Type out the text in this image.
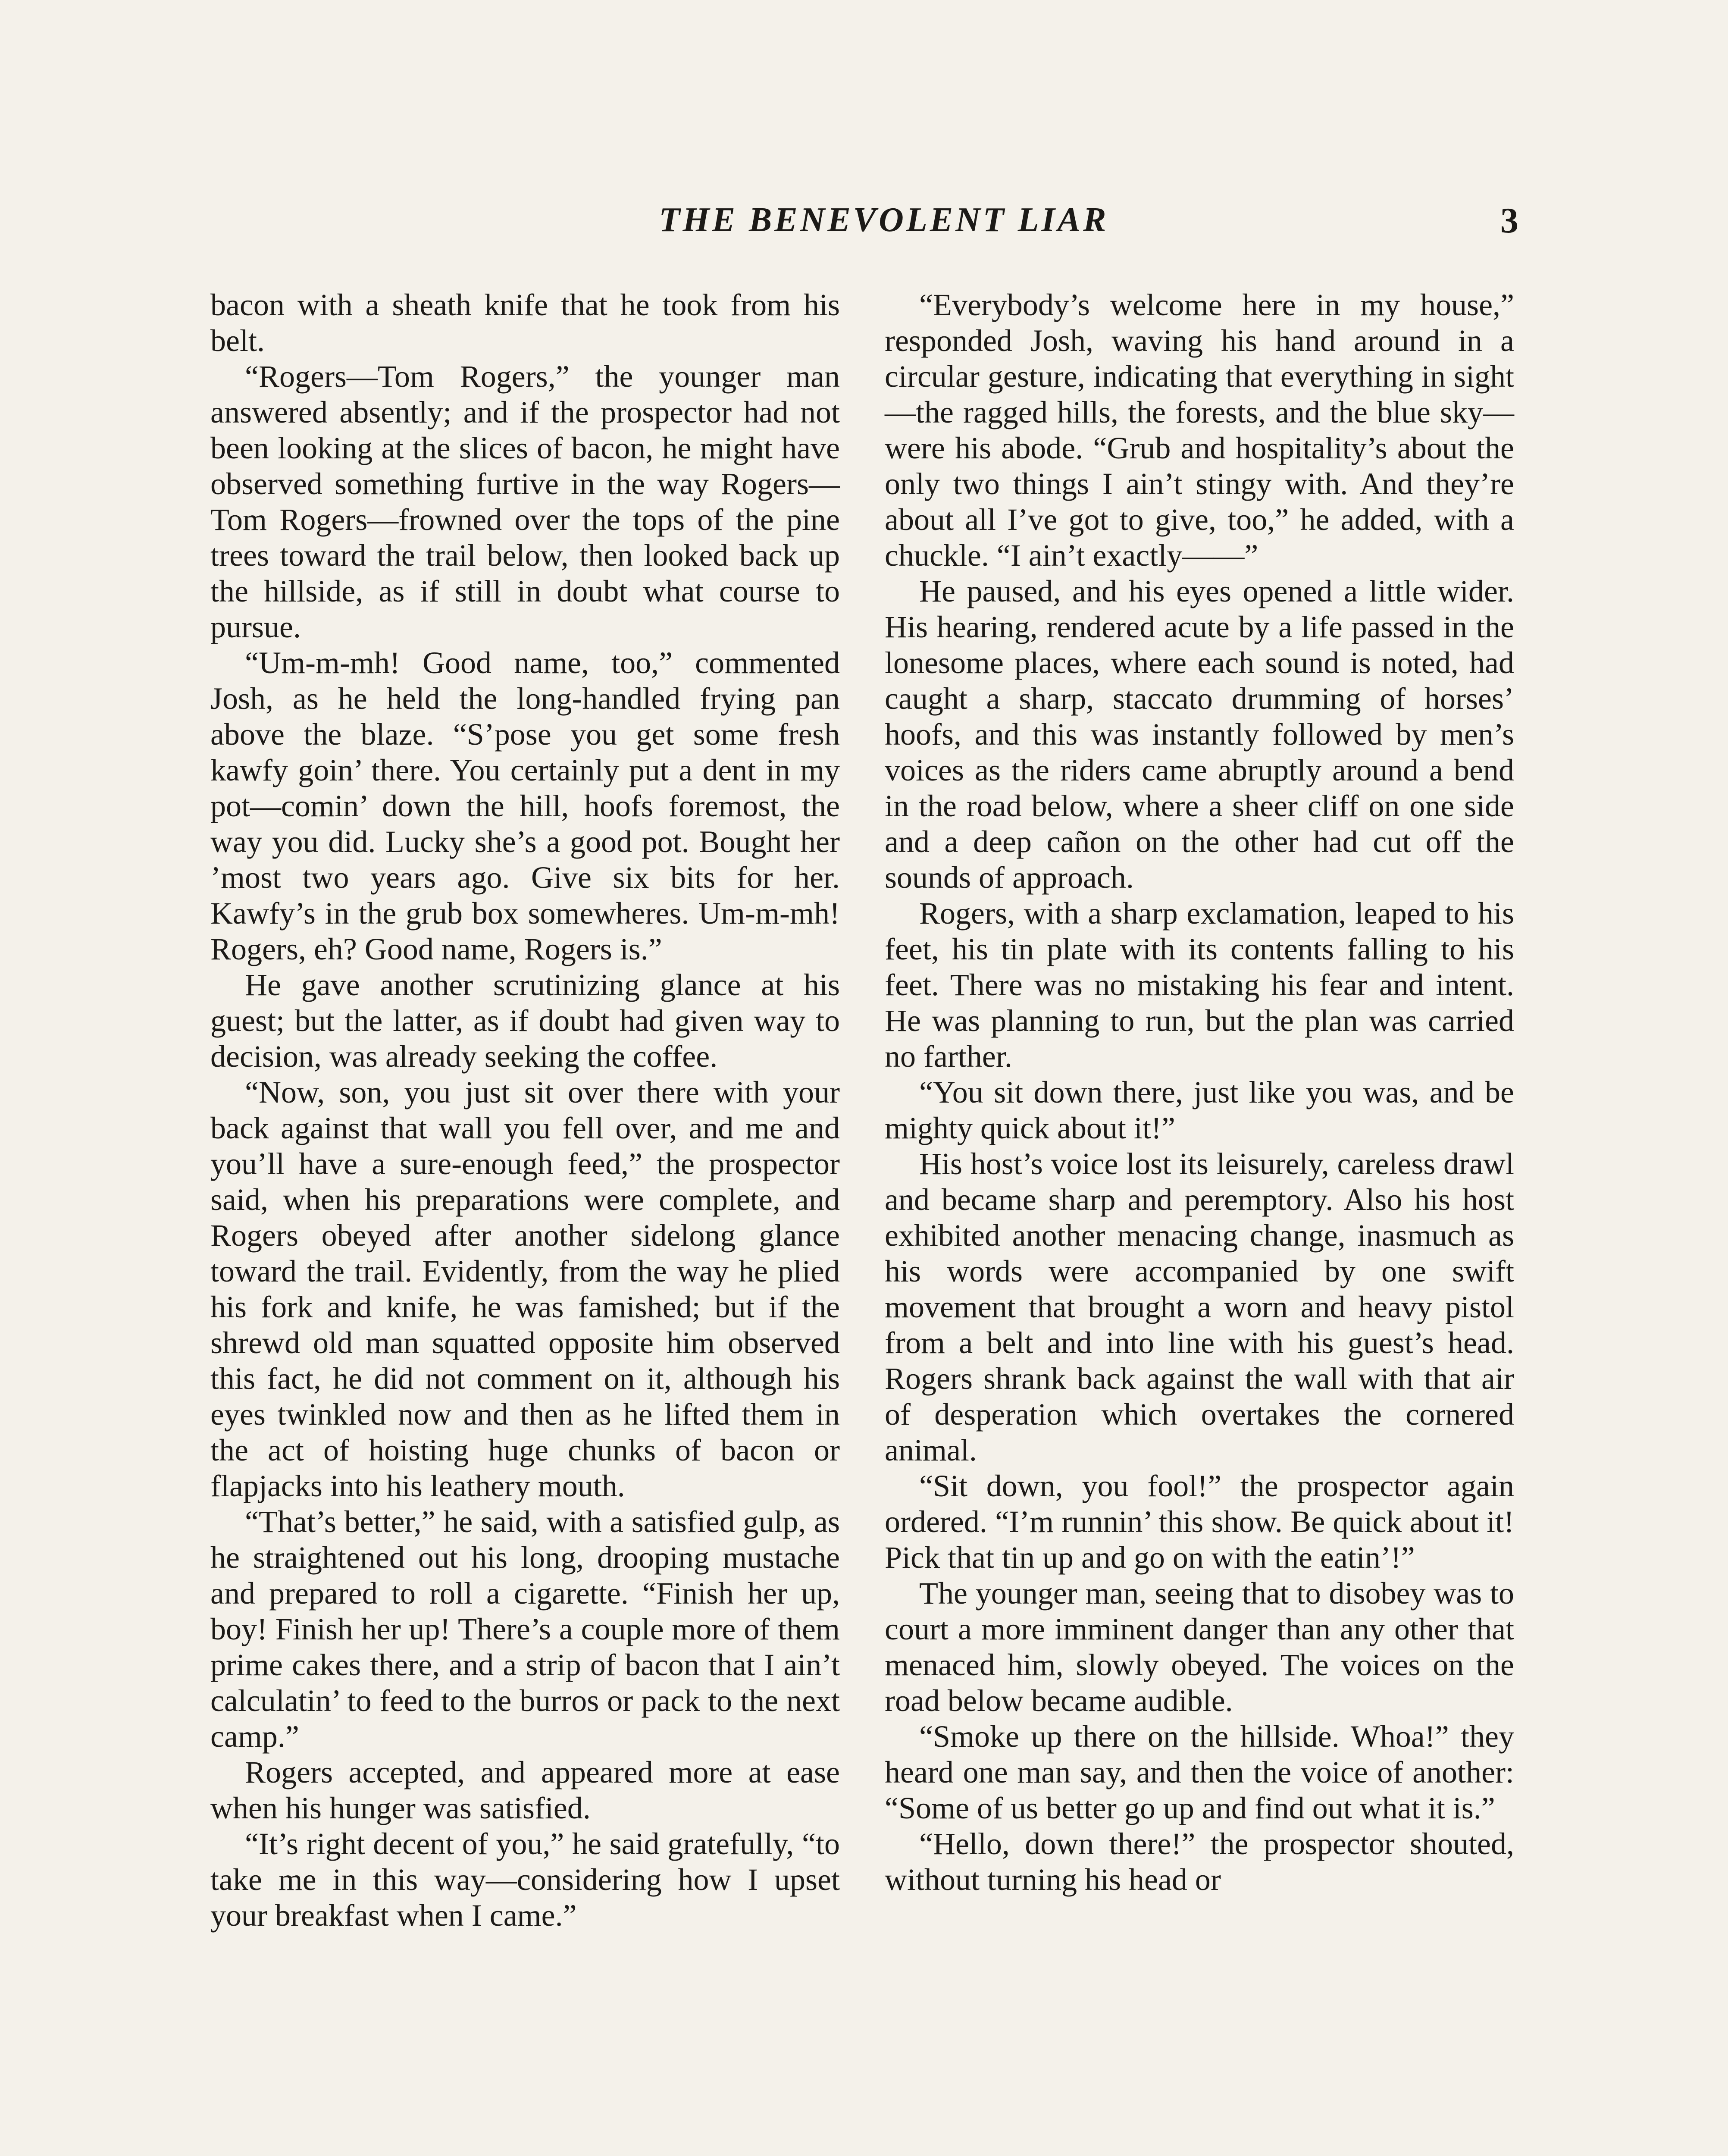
THE BENEVOLENT LIAR	3

bacon with a sheath knife that he took from his belt.

“Rogers—Tom Rogers,” the younger man answered absently; and if the prospector had not been looking at the slices of bacon, he might have observed something furtive in the way Rogers—Tom Rogers—frowned over the tops of the pine trees toward the trail below, then looked back up the hillside, as if still in doubt what course to pursue.

“Um-m-mh! Good name, too,” commented Josh, as he held the long-handled frying pan above the blaze. “S’pose you get some fresh kawfy goin’ there. You certainly put a dent in my pot—comin’ down the hill, hoofs foremost, the way you did. Lucky she’s a good pot. Bought her ’most two years ago. Give six bits for her. Kawfy’s in the grub box somewheres. Um-m-mh! Rogers, eh? Good name, Rogers is.”

He gave another scrutinizing glance at his guest; but the latter, as if doubt had given way to decision, was already seeking the coffee.

“Now, son, you just sit over there with your back against that wall you fell over, and me and you’ll have a sure-enough feed,” the prospector said, when his preparations were complete, and Rogers obeyed after another sidelong glance toward the trail. Evidently, from the way he plied his fork and knife, he was famished; but if the shrewd old man squatted opposite him observed this fact, he did not comment on it, although his eyes twinkled now and then as he lifted them in the act of hoisting huge chunks of bacon or flapjacks into his leathery mouth.

“That’s better,” he said, with a satisfied gulp, as he straightened out his long, drooping mustache and prepared to roll a cigarette. “Finish her up, boy! Finish her up! There’s a couple more of them prime cakes there, and a strip of bacon that I ain’t calculatin’ to feed to the burros or pack to the next camp.”

Rogers accepted, and appeared more at ease when his hunger was satisfied.

“It’s right decent of you,” he said gratefully, “to take me in this way—considering how I upset your breakfast when I came.”

“Everybody’s welcome here in my house,” responded Josh, waving his hand around in a circular gesture, indicating that everything in sight—the ragged hills, the forests, and the blue sky—were his abode. “Grub and hospitality’s about the only two things I ain’t stingy with. And they’re about all I’ve got to give, too,” he added, with a chuckle. “I ain’t exactly——”

He paused, and his eyes opened a little wider. His hearing, rendered acute by a life passed in the lonesome places, where each sound is noted, had caught a sharp, staccato drumming of horses’ hoofs, and this was instantly followed by men’s voices as the riders came abruptly around a bend in the road below, where a sheer cliff on one side and a deep cañon on the other had cut off the sounds of approach.

Rogers, with a sharp exclamation, leaped to his feet, his tin plate with its contents falling to his feet. There was no mistaking his fear and intent. He was planning to run, but the plan was carried no farther.

“You sit down there, just like you was, and be mighty quick about it!”

His host’s voice lost its leisurely, careless drawl and became sharp and peremptory. Also his host exhibited another menacing change, inasmuch as his words were accompanied by one swift movement that brought a worn and heavy pistol from a belt and into line with his guest’s head. Rogers shrank back against the wall with that air of desperation which overtakes the cornered animal.

“Sit down, you fool!” the prospector again ordered. “I’m runnin’ this show. Be quick about it! Pick that tin up and go on with the eatin’!”

The younger man, seeing that to disobey was to court a more imminent danger than any other that menaced him, slowly obeyed. The voices on the road below became audible.

“Smoke up there on the hillside. Whoa!” they heard one man say, and then the voice of another: “Some of us better go up and find out what it is.”

“Hello, down there!” the prospector shouted, without turning his head or
